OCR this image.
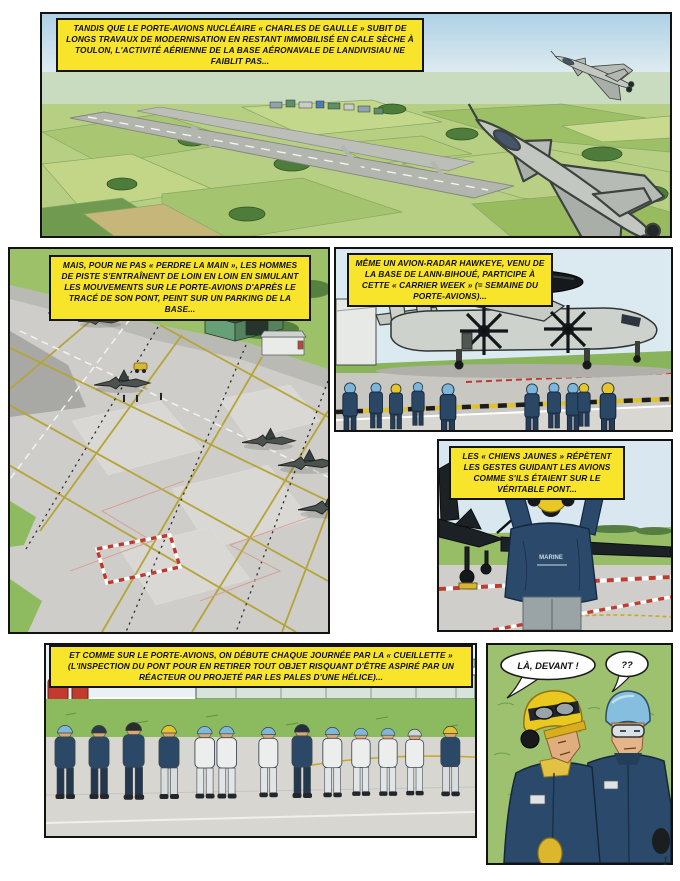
TANDIS QUE LE PORTE-AVIONS NUCLÉAIRE « CHARLES DE GAULLE » SUBIT DE LONGS TRAVAUX DE MODERNISATION EN RESTANT IMMOBILISÉ EN CALE SÈCHE À TOULON, L'ACTIVITÉ AÉRIENNE DE LA BASE AÉRONAVALE DE LANDIVISIAU NE FAIBLIT PAS...
MAIS, POUR NE PAS « PERDRE LA MAIN », LES HOMMES DE PISTE S'ENTRAÎNENT DE LOIN EN LOIN EN SIMULANT LES MOUVEMENTS SUR LE PORTE-AVIONS D'APRÈS LE TRACÉ DE SON PONT, PEINT SUR UN PARKING DE LA BASE...
MÊME UN AVION-RADAR HAWKEYE, VENU DE LA BASE DE LANN-BIHOUÉ, PARTICIPE À CETTE « CARRIER WEEK » (= SEMAINE DU PORTE-AVIONS)...
MARINE
LES « CHIENS JAUNES » RÉPÈTENT LES GESTES GUIDANT LES AVIONS COMME S'ILS ÉTAIENT SUR LE VÉRITABLE PONT...
ET COMME SUR LE PORTE-AVIONS, ON DÉBUTE CHAQUE JOURNÉE PAR LA « CUEILLETTE » (L'INSPECTION DU PONT POUR EN RETIRER TOUT OBJET RISQUANT D'ÊTRE ASPIRÉ PAR UN RÉACTEUR OU PROJETÉ PAR LES PALES D'UNE HÉLICE)...
LÀ, DEVANT !	??
1
